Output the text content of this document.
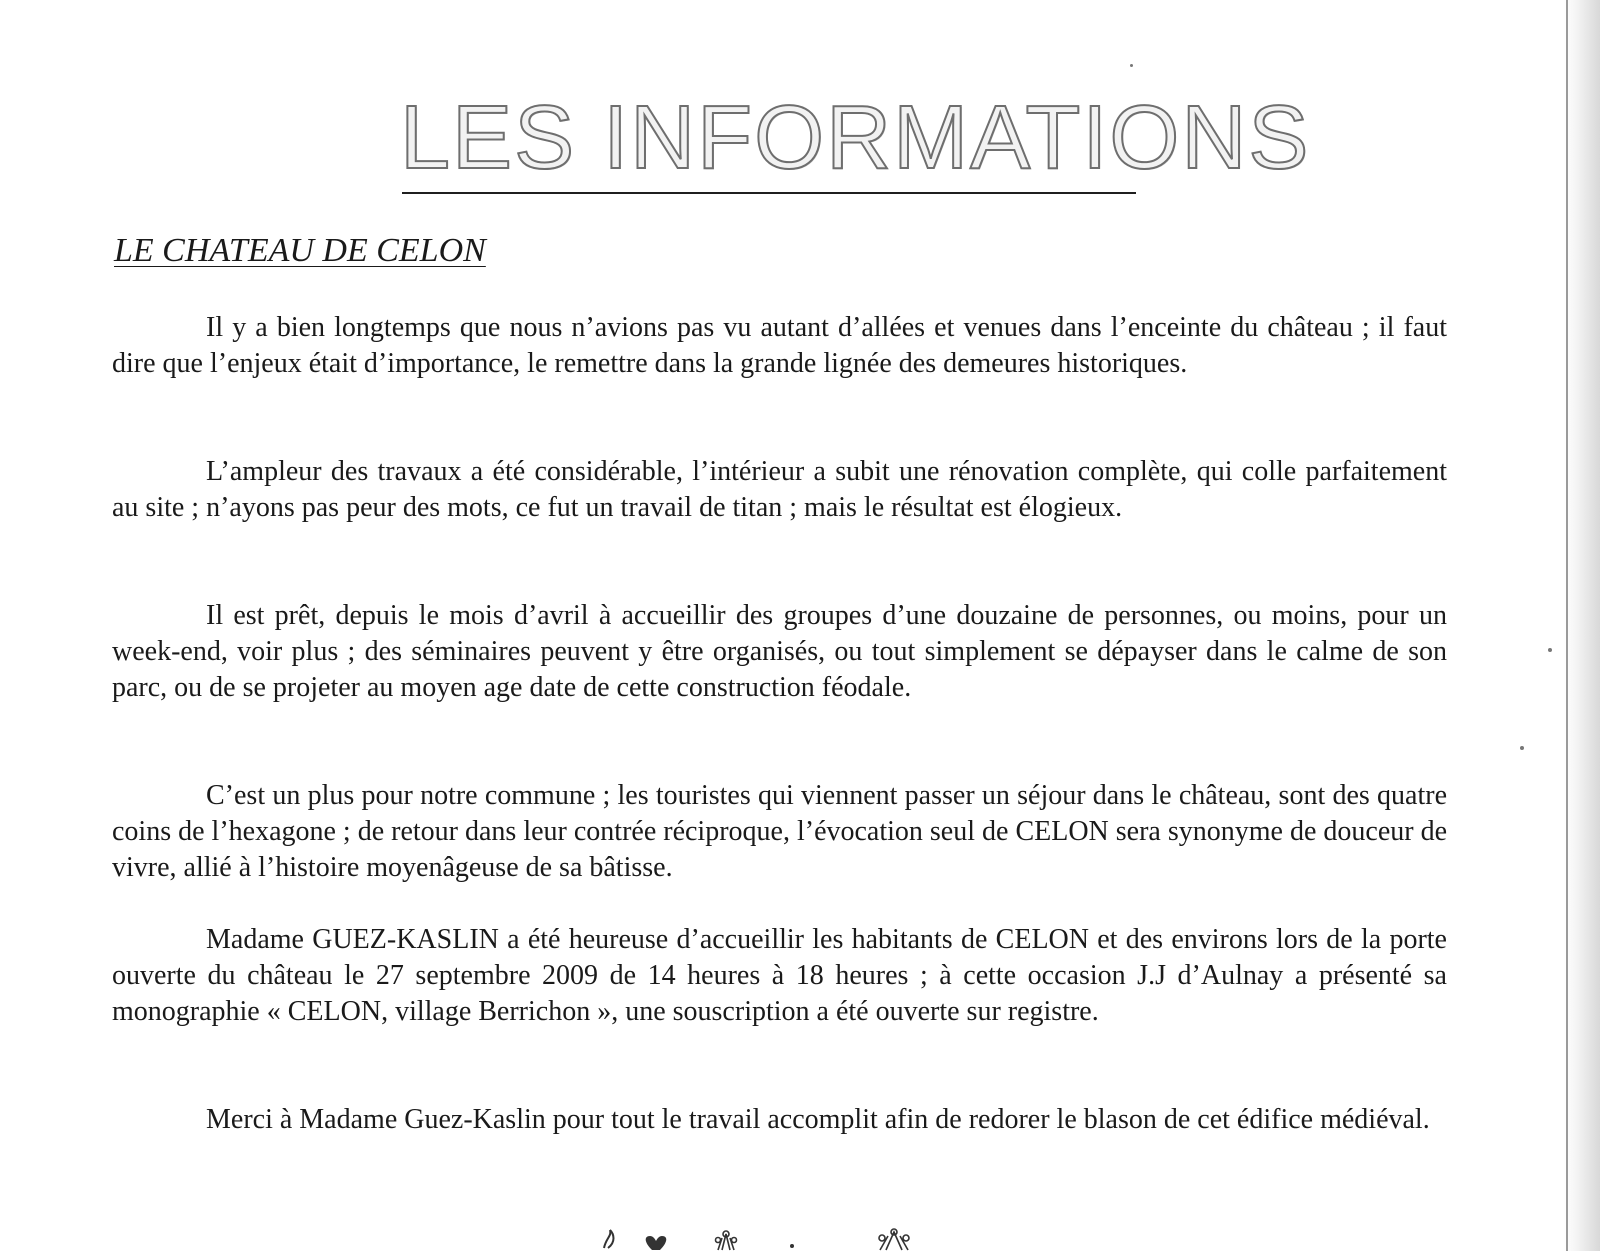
LES INFORMATIONS
LE CHATEAU DE CELON

Il y a bien longtemps que nous n’avions pas vu autant d’allées et venues dans l’enceinte du château ; il faut dire que l’enjeux était d’importance, le remettre dans la grande lignée des demeures historiques.

L’ampleur des travaux a été considérable, l’intérieur a subit une rénovation complète, qui colle parfaitement au site ; n’ayons pas peur des mots, ce fut un travail de titan ; mais le résultat est élogieux.

Il est prêt, depuis le mois d’avril à accueillir des groupes d’une douzaine de personnes, ou moins, pour un week-end, voir plus ; des séminaires peuvent y être organisés, ou tout simplement se dépayser dans le calme de son parc, ou de se projeter au moyen age date de cette construction féodale.

C’est un plus pour notre commune ; les touristes qui viennent passer un séjour dans le château, sont des quatre coins de l’hexagone ; de retour dans leur contrée réciproque, l’évocation seul de CELON sera synonyme de douceur de vivre, allié à l’histoire moyenâgeuse de sa bâtisse.

Madame GUEZ-KASLIN a été heureuse d’accueillir les habitants de CELON et des environs lors de la porte ouverte du château le 27 septembre 2009 de 14 heures à 18 heures ; à cette occasion J.J d’Aulnay a présenté sa monographie « CELON, village Berrichon », une souscription a été ouverte sur registre.

Merci à Madame Guez-Kaslin pour tout le travail accomplit afin de redorer le blason de cet édifice médiéval.
